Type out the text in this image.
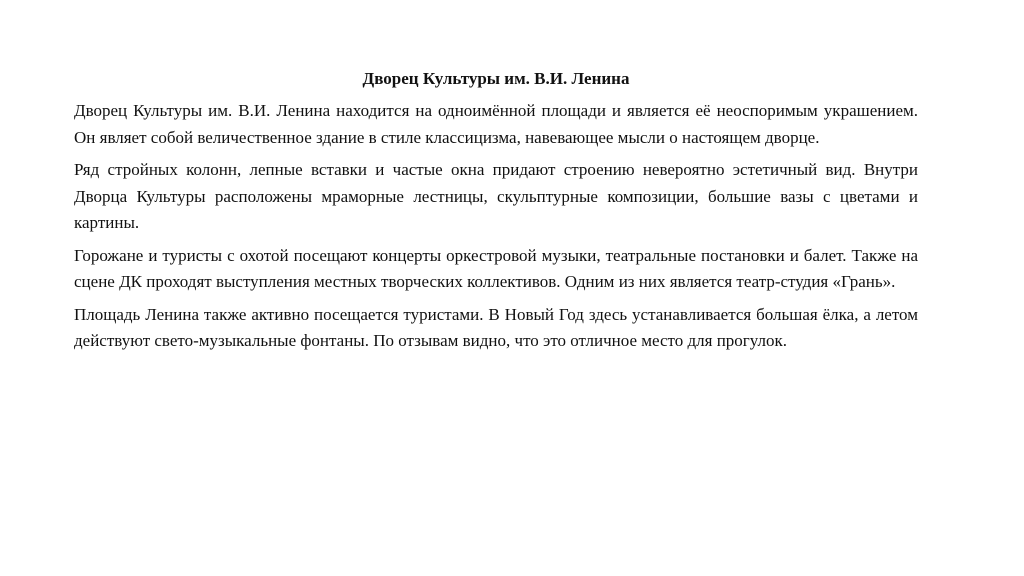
Дворец Культуры им. В.И. Ленина

Дворец Культуры им. В.И. Ленина находится на одноимённой площади и является её неоспоримым украшением. Он являет собой величественное здание в стиле классицизма, навевающее мысли о настоящем дворце.

Ряд стройных колонн, лепные вставки и частые окна придают строению невероятно эстетичный вид. Внутри Дворца Культуры расположены мраморные лестницы, скульптурные композиции, большие вазы с цветами и картины.

Горожане и туристы с охотой посещают концерты оркестровой музыки, театральные постановки и балет. Также на сцене ДК проходят выступления местных творческих коллективов. Одним из них является театр-студия «Грань».

Площадь Ленина также активно посещается туристами. В Новый Год здесь устанавливается большая ёлка, а летом действуют свето-музыкальные фонтаны. По отзывам видно, что это отличное место для прогулок.
